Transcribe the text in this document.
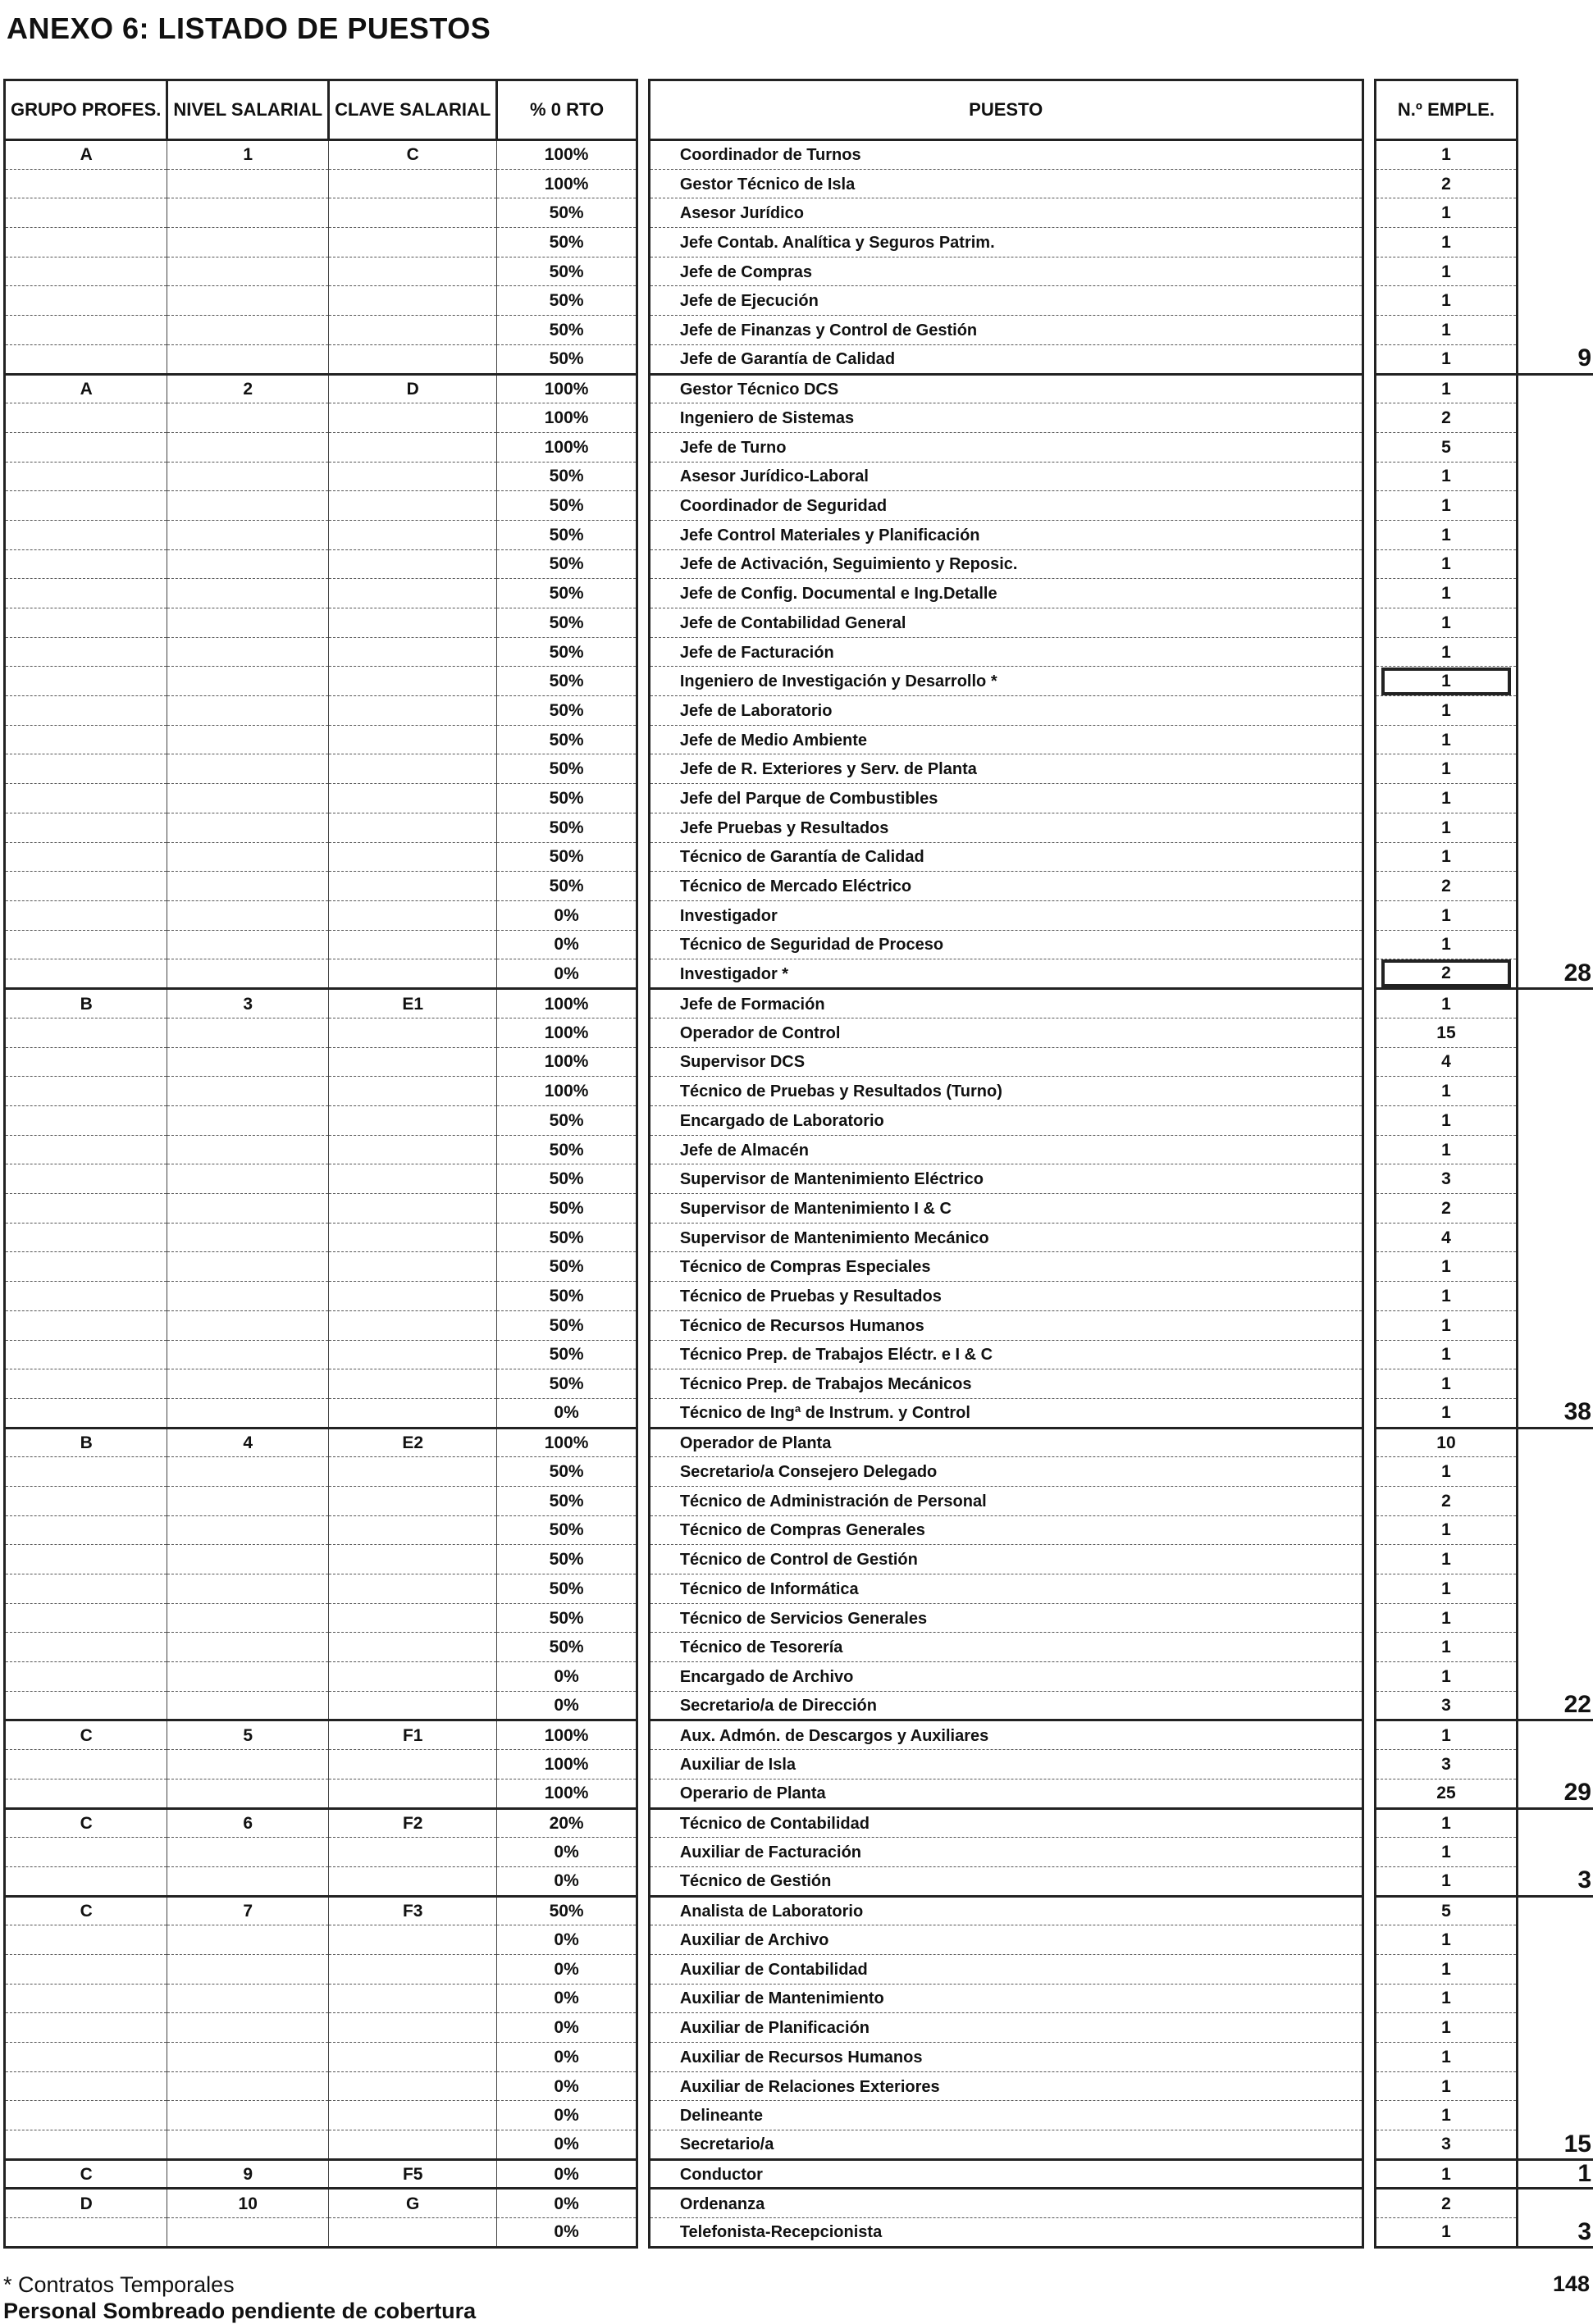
ANEXO 6: LISTADO DE PUESTOS
GRUPO PROFES.	NIVEL SALARIAL	CLAVE SALARIAL	% 0 RTO		PUESTO		N.º EMPLE.	
A	1	C	100%		Coordinador de Turnos		1	
			100%		Gestor Técnico de Isla		2	
			50%		Asesor Jurídico		1	
			50%		Jefe Contab. Analítica y Seguros Patrim.		1	
			50%		Jefe de Compras		1	
			50%		Jefe de Ejecución		1	
			50%		Jefe de Finanzas y Control de Gestión		1	
			50%		Jefe de Garantía de Calidad		1	9
A	2	D	100%		Gestor Técnico DCS		1	
			100%		Ingeniero de Sistemas		2	
			100%		Jefe de Turno		5	
			50%		Asesor Jurídico-Laboral		1	
			50%		Coordinador de Seguridad		1	
			50%		Jefe Control Materiales y Planificación		1	
			50%		Jefe de Activación, Seguimiento y Reposic.		1	
			50%		Jefe de Config. Documental e Ing.Detalle		1	
			50%		Jefe de Contabilidad General		1	
			50%		Jefe de Facturación		1	
			50%		Ingeniero de Investigación y Desarrollo *		1	
			50%		Jefe de Laboratorio		1	
			50%		Jefe de Medio Ambiente		1	
			50%		Jefe de R. Exteriores y Serv. de Planta		1	
			50%		Jefe del Parque de Combustibles		1	
			50%		Jefe Pruebas y Resultados		1	
			50%		Técnico de Garantía de Calidad		1	
			50%		Técnico de Mercado Eléctrico		2	
			0%		Investigador		1	
			0%		Técnico de Seguridad de Proceso		1	
			0%		Investigador *		2	28
B	3	E1	100%		Jefe de Formación		1	
			100%		Operador de Control		15	
			100%		Supervisor DCS		4	
			100%		Técnico de Pruebas y Resultados (Turno)		1	
			50%		Encargado de Laboratorio		1	
			50%		Jefe de Almacén		1	
			50%		Supervisor de Mantenimiento Eléctrico		3	
			50%		Supervisor de Mantenimiento I & C		2	
			50%		Supervisor de Mantenimiento Mecánico		4	
			50%		Técnico de Compras Especiales		1	
			50%		Técnico de Pruebas y Resultados		1	
			50%		Técnico de Recursos Humanos		1	
			50%		Técnico Prep. de Trabajos Eléctr. e I & C		1	
			50%		Técnico Prep. de Trabajos Mecánicos		1	
			0%		Técnico de Ingª de Instrum. y Control		1	38
B	4	E2	100%		Operador de Planta		10	
			50%		Secretario/a Consejero Delegado		1	
			50%		Técnico de Administración de Personal		2	
			50%		Técnico de Compras Generales		1	
			50%		Técnico de Control de Gestión		1	
			50%		Técnico de Informática		1	
			50%		Técnico de Servicios Generales		1	
			50%		Técnico de Tesorería		1	
			0%		Encargado de Archivo		1	
			0%		Secretario/a de Dirección		3	22
C	5	F1	100%		Aux. Admón. de Descargos y Auxiliares		1	
			100%		Auxiliar de Isla		3	
			100%		Operario de Planta		25	29
C	6	F2	20%		Técnico de Contabilidad		1	
			0%		Auxiliar de Facturación		1	
			0%		Técnico de Gestión		1	3
C	7	F3	50%		Analista de Laboratorio		5	
			0%		Auxiliar de Archivo		1	
			0%		Auxiliar de Contabilidad		1	
			0%		Auxiliar de Mantenimiento		1	
			0%		Auxiliar de Planificación		1	
			0%		Auxiliar de Recursos Humanos		1	
			0%		Auxiliar de Relaciones Exteriores		1	
			0%		Delineante		1	
			0%		Secretario/a		3	15
C	9	F5	0%		Conductor		1	1
D	10	G	0%		Ordenanza		2	
			0%		Telefonista-Recepcionista		1	3
* Contratos Temporales
Personal Sombreado pendiente de cobertura
148
